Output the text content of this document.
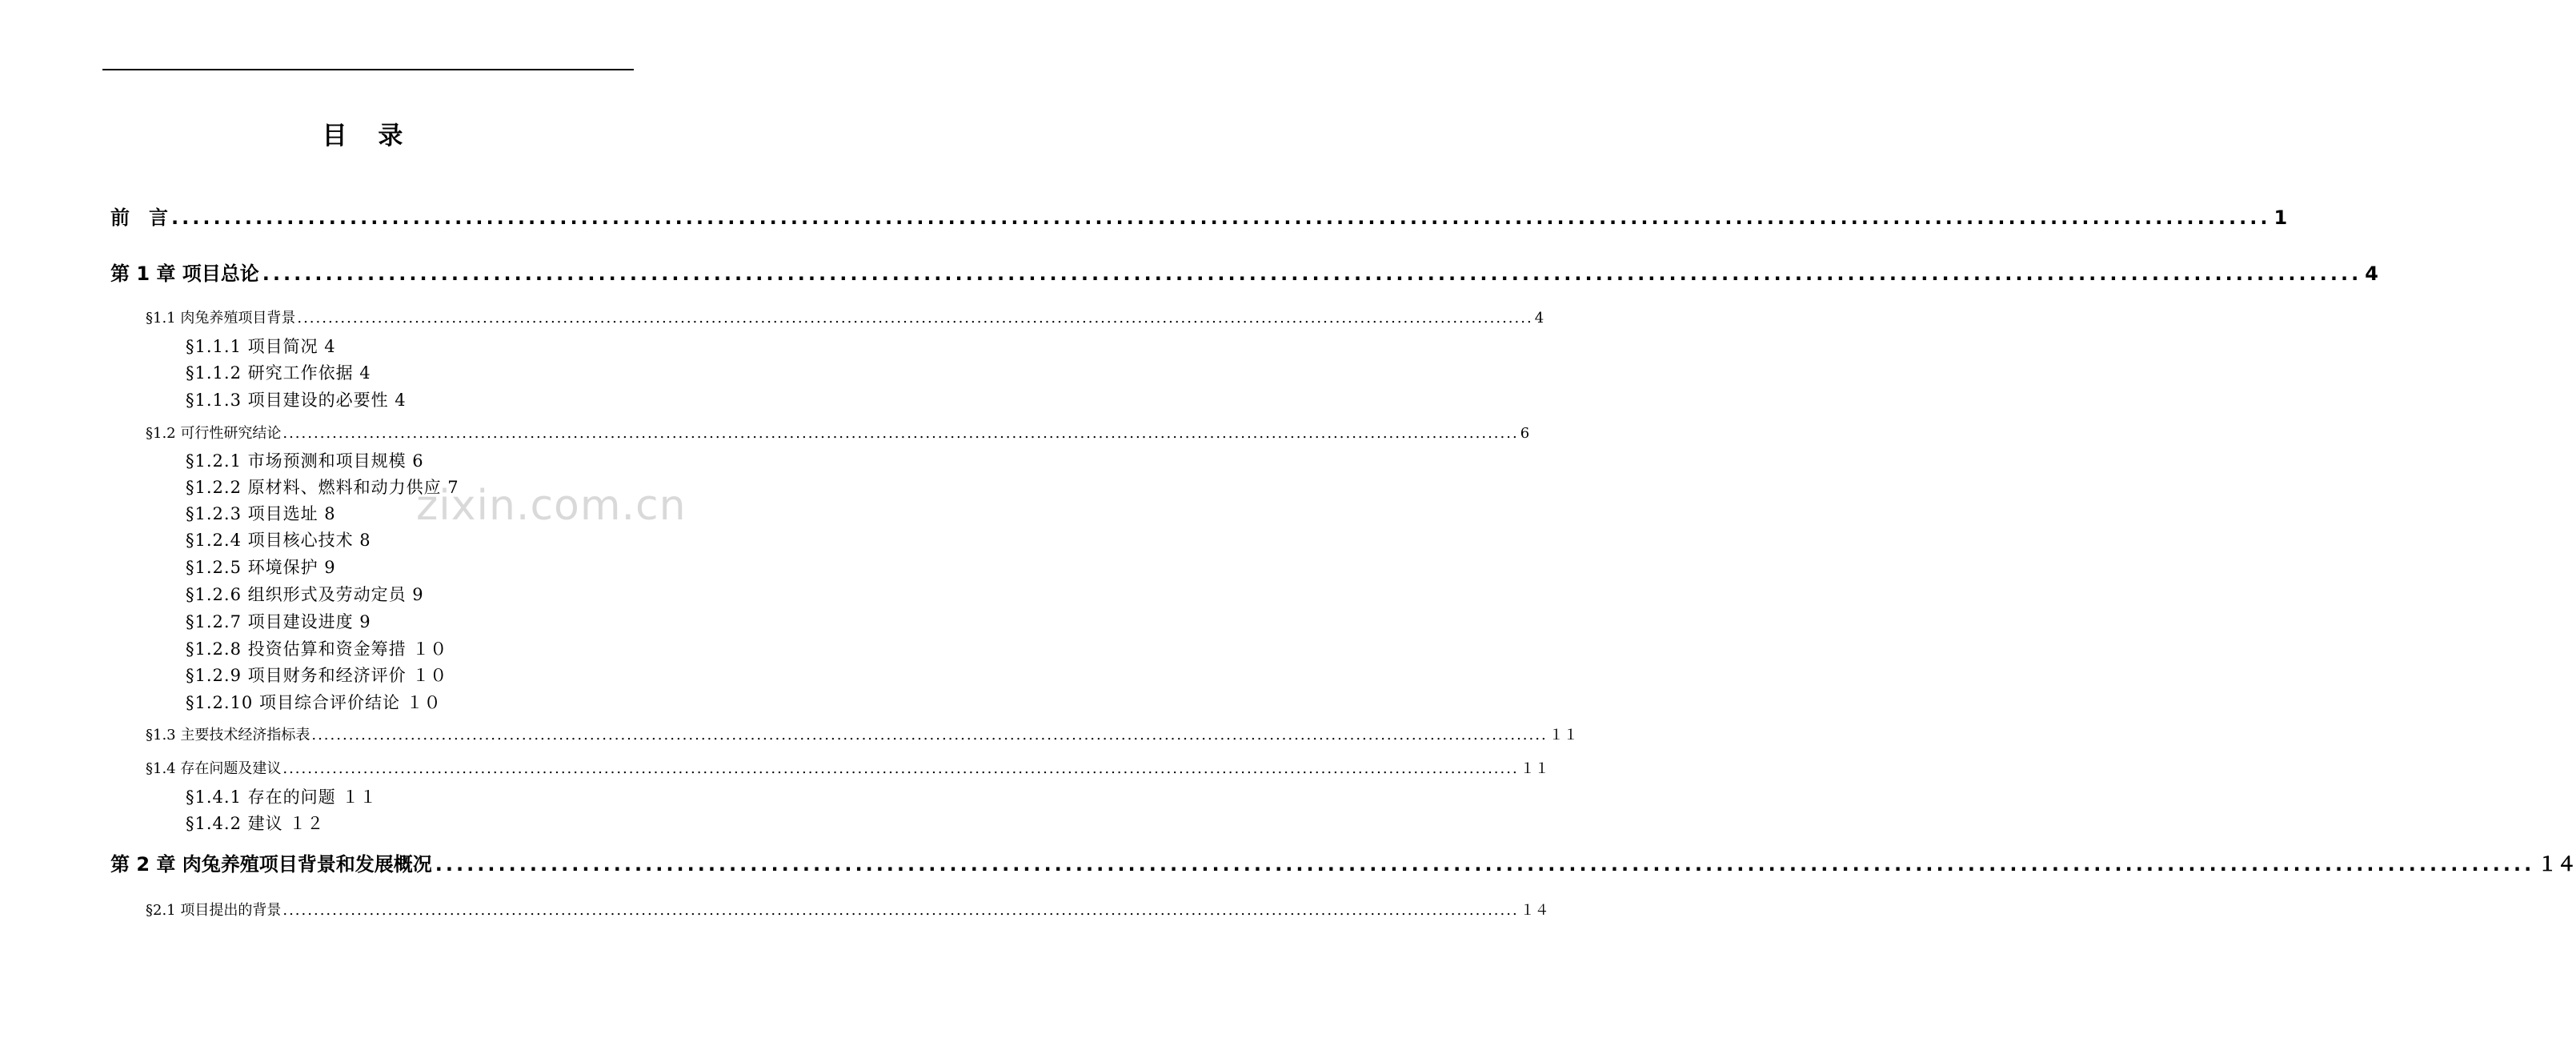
目 录
前　言 ........................................................................................................................................................................................................ 1
第 1 章 项目总论 ........................................................................................................................................................................................................ 4
§1.1 肉兔养殖项目背景 ........................................................................................................................................................................................................ 4
§1.1.1 项目简况 4
§1.1.2 研究工作依据 4
§1.1.3 项目建设的必要性 4
§1.2 可行性研究结论 ........................................................................................................................................................................................................ 6
§1.2.1 市场预测和项目规模 6
§1.2.2 原材料、燃料和动力供应 7
§1.2.3 项目选址 8
§1.2.4 项目核心技术 8
§1.2.5 环境保护 9
§1.2.6 组织形式及劳动定员 9
§1.2.7 项目建设进度 9
§1.2.8 投资估算和资金筹措 １０
§1.2.9 项目财务和经济评价 １０
§1.2.10 项目综合评价结论 １０
§1.3 主要技术经济指标表 ........................................................................................................................................................................................................ １１
§1.4 存在问题及建议 ........................................................................................................................................................................................................ １１
§1.4.1 存在的问题 １１
§1.4.2 建议 １２
第 2 章 肉兔养殖项目背景和发展概况 ........................................................................................................................................................................................................ １４
§2.1 项目提出的背景 ........................................................................................................................................................................................................ １４
zixin.com.cn
